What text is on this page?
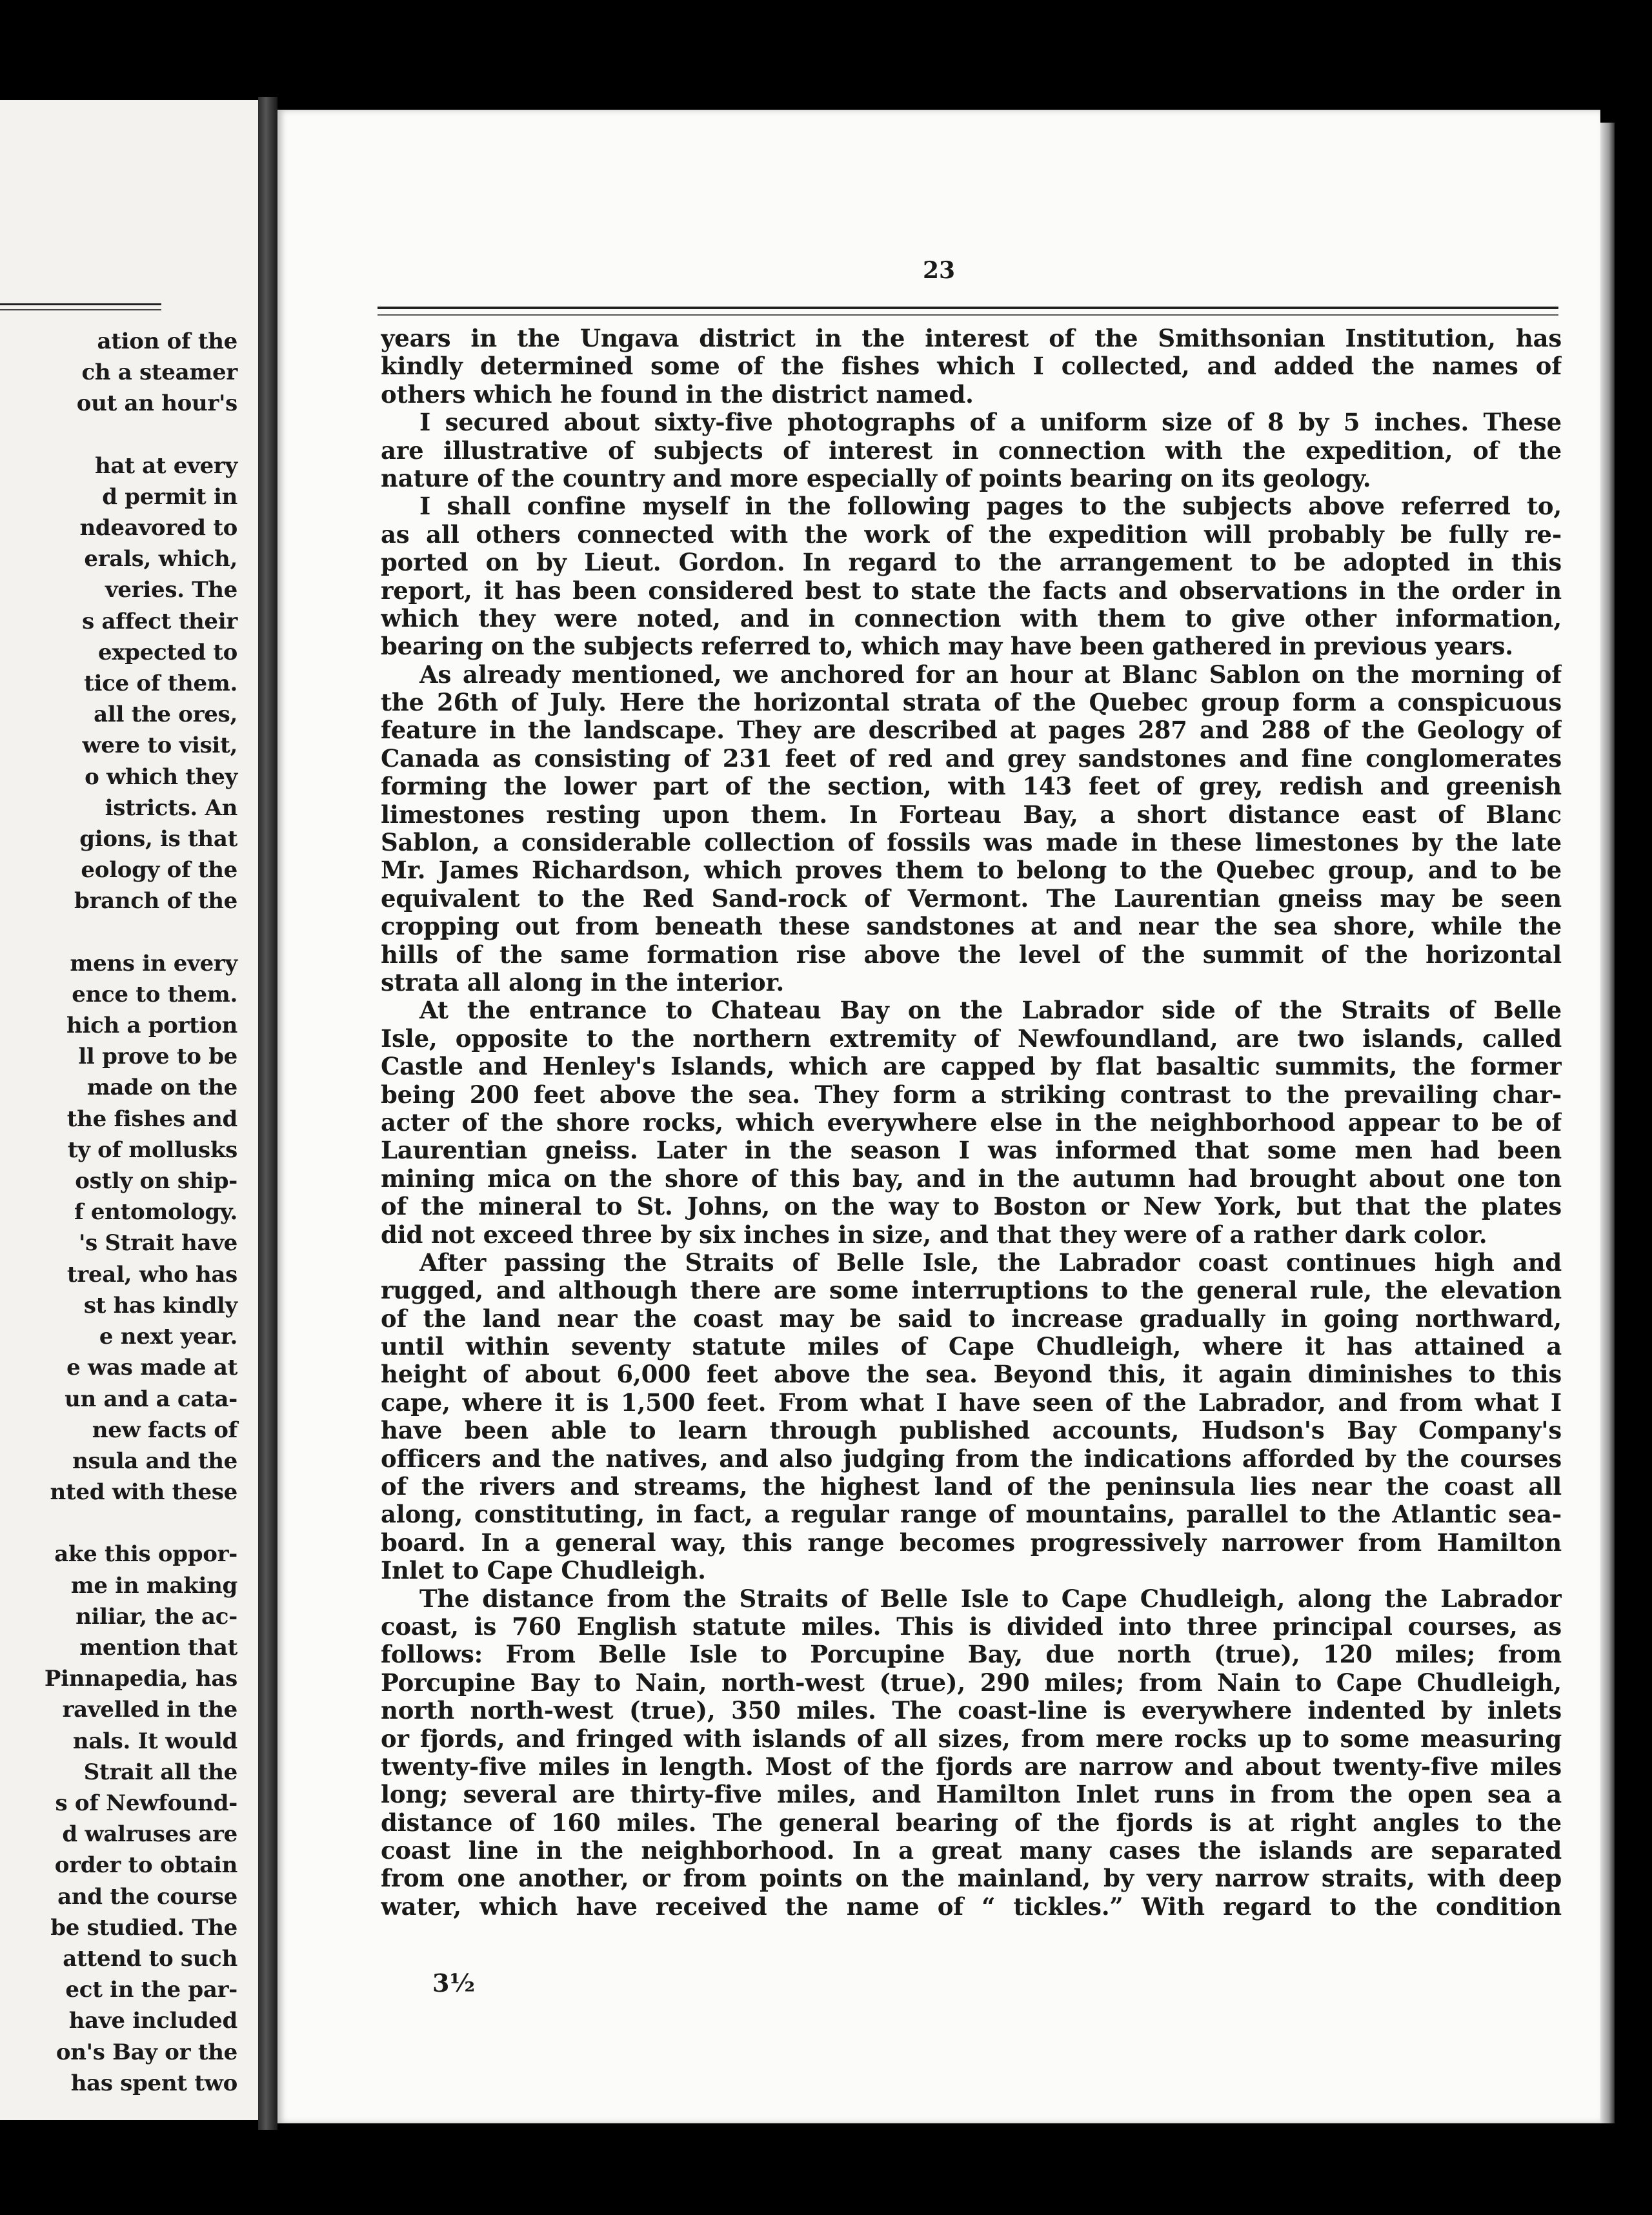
ation of the
ch a steamer
out an hour's
hat at every
d permit in
ndeavored to
erals, which,
veries. The
s affect their
expected to
tice of them.
all the ores,
were to visit,
o which they
istricts. An
gions, is that
eology of the
branch of the
mens in every
ence to them.
hich a portion
ll prove to be
made on the
the fishes and
ty of mollusks
ostly on ship-
f entomology.
's Strait have
treal, who has
st has kindly
e next year.
e was made at
un and a cata-
new facts of
nsula and the
nted with these
ake this oppor-
me in making
niliar, the ac-
mention that
Pinnapedia, has
ravelled in the
nals. It would
Strait all the
s of Newfound-
d walruses are
order to obtain
and the course
be studied. The
attend to such
ect in the par-
have included
on's Bay or the
has spent two
23
years in the Ungava district in the interest of the Smithsonian Institution, has
kindly determined some of the fishes which I collected, and added the names of
others which he found in the district named.
I secured about sixty-five photographs of a uniform size of 8 by 5 inches. These
are illustrative of subjects of interest in connection with the expedition, of the
nature of the country and more especially of points bearing on its geology.
I shall confine myself in the following pages to the subjects above referred to,
as all others connected with the work of the expedition will probably be fully re-
ported on by Lieut. Gordon. In regard to the arrangement to be adopted in this
report, it has been considered best to state the facts and observations in the order in
which they were noted, and in connection with them to give other information,
bearing on the subjects referred to, which may have been gathered in previous years.
As already mentioned, we anchored for an hour at Blanc Sablon on the morning of
the 26th of July. Here the horizontal strata of the Quebec group form a conspicuous
feature in the landscape. They are described at pages 287 and 288 of the Geology of
Canada as consisting of 231 feet of red and grey sandstones and fine conglomerates
forming the lower part of the section, with 143 feet of grey, redish and greenish
limestones resting upon them. In Forteau Bay, a short distance east of Blanc
Sablon, a considerable collection of fossils was made in these limestones by the late
Mr. James Richardson, which proves them to belong to the Quebec group, and to be
equivalent to the Red Sand-rock of Vermont. The Laurentian gneiss may be seen
cropping out from beneath these sandstones at and near the sea shore, while the
hills of the same formation rise above the level of the summit of the horizontal
strata all along in the interior.
At the entrance to Chateau Bay on the Labrador side of the Straits of Belle
Isle, opposite to the northern extremity of Newfoundland, are two islands, called
Castle and Henley's Islands, which are capped by flat basaltic summits, the former
being 200 feet above the sea. They form a striking contrast to the prevailing char-
acter of the shore rocks, which everywhere else in the neighborhood appear to be of
Laurentian gneiss. Later in the season I was informed that some men had been
mining mica on the shore of this bay, and in the autumn had brought about one ton
of the mineral to St. Johns, on the way to Boston or New York, but that the plates
did not exceed three by six inches in size, and that they were of a rather dark color.
After passing the Straits of Belle Isle, the Labrador coast continues high and
rugged, and although there are some interruptions to the general rule, the elevation
of the land near the coast may be said to increase gradually in going northward,
until within seventy statute miles of Cape Chudleigh, where it has attained a
height of about 6,000 feet above the sea. Beyond this, it again diminishes to this
cape, where it is 1,500 feet. From what I have seen of the Labrador, and from what I
have been able to learn through published accounts, Hudson's Bay Company's
officers and the natives, and also judging from the indications afforded by the courses
of the rivers and streams, the highest land of the peninsula lies near the coast all
along, constituting, in fact, a regular range of mountains, parallel to the Atlantic sea-
board. In a general way, this range becomes progressively narrower from Hamilton
Inlet to Cape Chudleigh.
The distance from the Straits of Belle Isle to Cape Chudleigh, along the Labrador
coast, is 760 English statute miles. This is divided into three principal courses, as
follows: From Belle Isle to Porcupine Bay, due north (true), 120 miles; from
Porcupine Bay to Nain, north-west (true), 290 miles; from Nain to Cape Chudleigh,
north north-west (true), 350 miles. The coast-line is everywhere indented by inlets
or fjords, and fringed with islands of all sizes, from mere rocks up to some measuring
twenty-five miles in length. Most of the fjords are narrow and about twenty-five miles
long; several are thirty-five miles, and Hamilton Inlet runs in from the open sea a
distance of 160 miles. The general bearing of the fjords is at right angles to the
coast line in the neighborhood. In a great many cases the islands are separated
from one another, or from points on the mainland, by very narrow straits, with deep
water, which have received the name of “ tickles.” With regard to the condition
3½
